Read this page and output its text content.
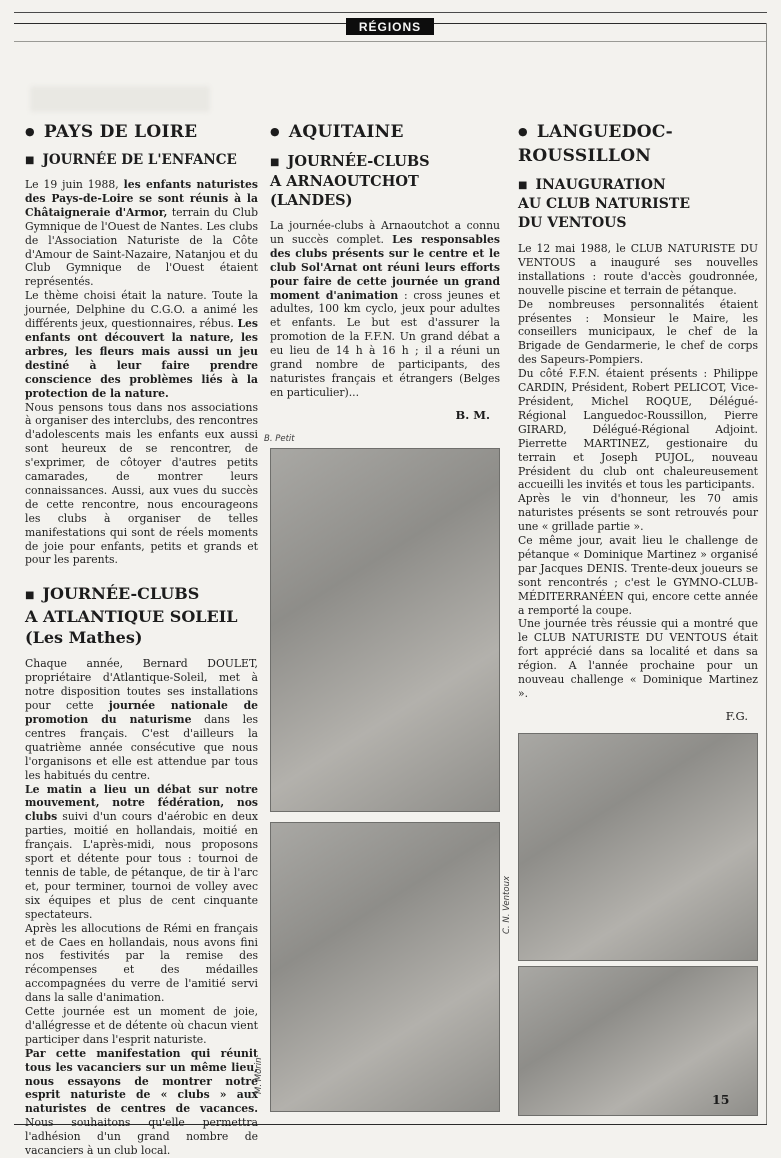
RÉGIONS
● PAYS DE LOIRE
■ JOURNÉE DE L'ENFANCE

Le 19 juin 1988, les enfants naturistes des Pays-de-Loire se sont réunis à la Châtaigneraie d'Armor, terrain du Club Gymnique de l'Ouest de Nantes. Les clubs de l'Association Naturiste de la Côte d'Amour de Saint-Nazaire, Natanjou et du Club Gymnique de l'Ouest étaient représentés.

Le thème choisi était la nature. Toute la journée, Delphine du C.G.O. a animé les différents jeux, questionnaires, rébus. Les enfants ont découvert la nature, les arbres, les fleurs mais aussi un jeu destiné à leur faire prendre conscience des problèmes liés à la protection de la nature.

Nous pensons tous dans nos associations à organiser des interclubs, des rencontres d'adolescents mais les enfants eux aussi sont heureux de se rencontrer, de s'exprimer, de côtoyer d'autres petits camarades, de montrer leurs connaissances. Aussi, aux vues du succès de cette rencontre, nous encourageons les clubs à organiser de telles manifestations qui sont de réels moments de joie pour enfants, petits et grands et pour les parents.

■ JOURNÉE-CLUBS
A ATLANTIQUE SOLEIL
(Les Mathes)

Chaque année, Bernard DOULET, propriétaire d'Atlantique-Soleil, met à notre disposition toutes ses installations pour cette journée nationale de promotion du naturisme dans les centres français. C'est d'ailleurs la quatrième année consécutive que nous l'organisons et elle est attendue par tous les habitués du centre.

Le matin a lieu un débat sur notre mouvement, notre fédération, nos clubs suivi d'un cours d'aérobic en deux parties, moitié en hollandais, moitié en français. L'après-midi, nous proposons sport et détente pour tous : tournoi de tennis de table, de pétanque, de tir à l'arc et, pour terminer, tournoi de volley avec six équipes et plus de cent cinquante spectateurs.

Après les allocutions de Rémi en français et de Caes en hollandais, nous avons fini nos festivités par la remise des récompenses et des médailles accompagnées du verre de l'amitié servi dans la salle d'animation.

Cette journée est un moment de joie, d'allégresse et de détente où chacun vient participer dans l'esprit naturiste.

Par cette manifestation qui réunit tous les vacanciers sur un même lieu, nous essayons de montrer notre esprit naturiste de « clubs » aux naturistes de centres de vacances. Nous souhaitons qu'elle permettra l'adhésion d'un grand nombre de vacanciers à un club local.

● AQUITAINE
■ JOURNÉE-CLUBS
A ARNAOUTCHOT
(LANDES)

La journée-clubs à Arnaoutchot a connu un succès complet. Les responsables des clubs présents sur le centre et le club Sol'Arnat ont réuni leurs efforts pour faire de cette journée un grand moment d'animation : cross jeunes et adultes, 100 km cyclo, jeux pour adultes et enfants. Le but est d'assurer la promotion de la F.F.N. Un grand débat a eu lieu de 14 h à 16 h ; il a réuni un grand nombre de participants, des naturistes français et étrangers (Belges en particulier)...

B. M.
B. Petit
M. Morin
● LANGUEDOC-
ROUSSILLON
■ INAUGURATION
AU CLUB NATURISTE
DU VENTOUS

Le 12 mai 1988, le CLUB NATURISTE DU VENTOUS a inauguré ses nouvelles installations : route d'accès goudronnée, nouvelle piscine et terrain de pétanque.

De nombreuses personnalités étaient présentes : Monsieur le Maire, les conseillers municipaux, le chef de la Brigade de Gendarmerie, le chef de corps des Sapeurs-Pompiers.

Du côté F.F.N. étaient présents : Philippe CARDIN, Président, Robert PELICOT, Vice-Président, Michel ROQUE, Délégué-Régional Languedoc-Roussillon, Pierre GIRARD, Délégué-Régional Adjoint. Pierrette MARTINEZ, gestionaire du terrain et Joseph PUJOL, nouveau Président du club ont chaleureusement accueilli les invités et tous les participants.

Après le vin d'honneur, les 70 amis naturistes présents se sont retrouvés pour une « grillade partie ».

Ce même jour, avait lieu le challenge de pétanque « Dominique Martinez » organisé par Jacques DENIS. Trente-deux joueurs se sont rencontrés ; c'est le GYMNO-CLUB-MÉDITERRANÉEN qui, encore cette année a remporté la coupe.

Une journée très réussie qui a montré que le CLUB NATURISTE DU VENTOUS était fort apprécié dans sa localité et dans sa région. A l'année prochaine pour un nouveau challenge « Dominique Martinez ».

F.G.
C. N. Ventoux
15
